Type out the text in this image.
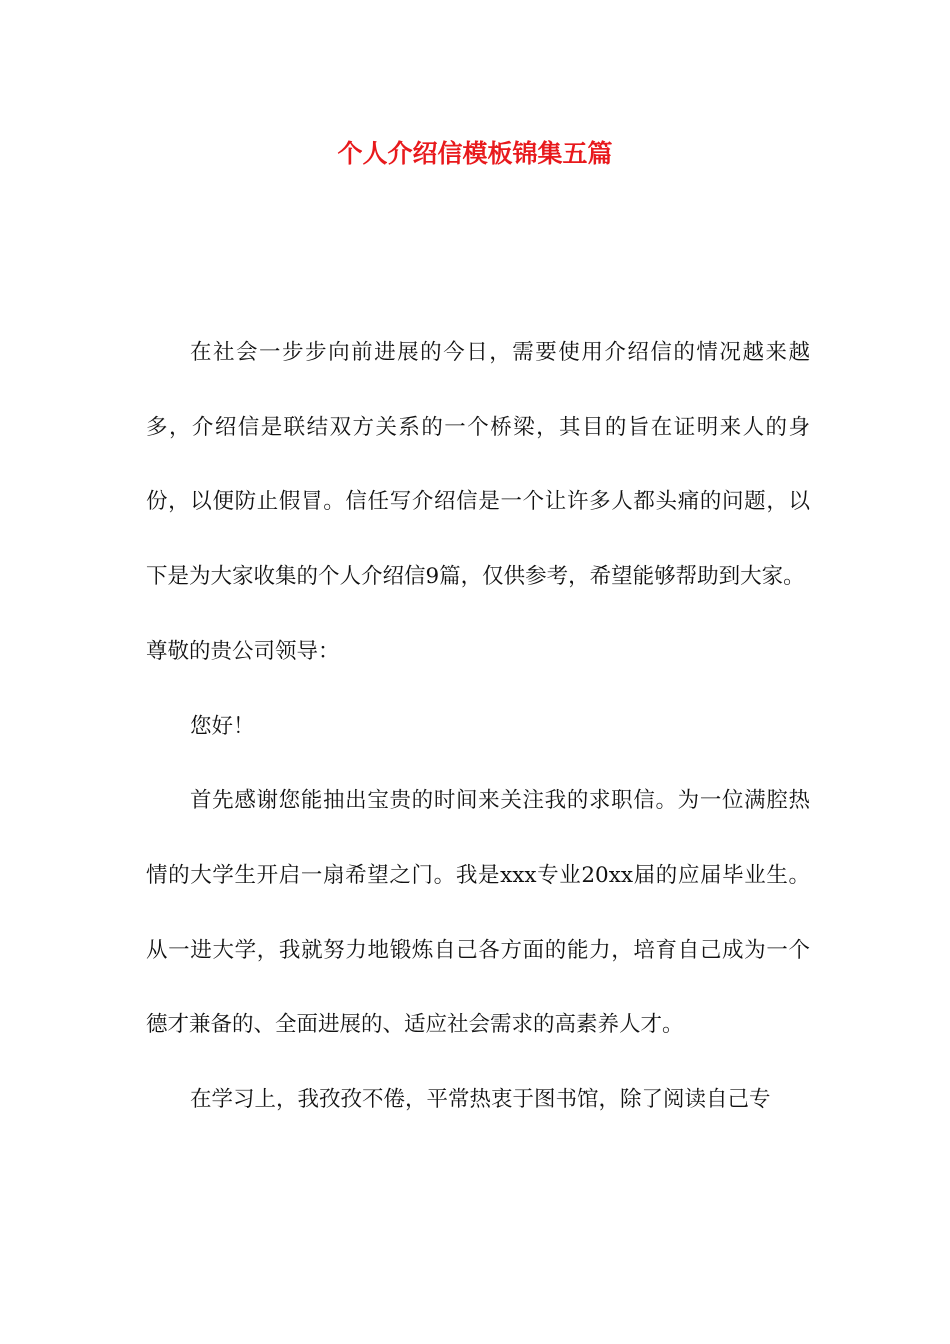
个人介绍信模板锦集五篇

在社会一步步向前进展的今日，需要使用介绍信的情况越来越多，介绍信是联结双方关系的一个桥梁，其目的旨在证明来人的身份，以便防止假冒。信任写介绍信是一个让许多人都头痛的问题，以下是为大家收集的个人介绍信9篇，仅供参考，希望能够帮助到大家。

尊敬的贵公司领导：

您好！

首先感谢您能抽出宝贵的时间来关注我的求职信。为一位满腔热情的大学生开启一扇希望之门。我是xxx专业20xx届的应届毕业生。从一进大学，我就努力地锻炼自己各方面的能力，培育自己成为一个德才兼备的、全面进展的、适应社会需求的高素养人才。

在学习上，我孜孜不倦，平常热衷于图书馆，除了阅读自己专
